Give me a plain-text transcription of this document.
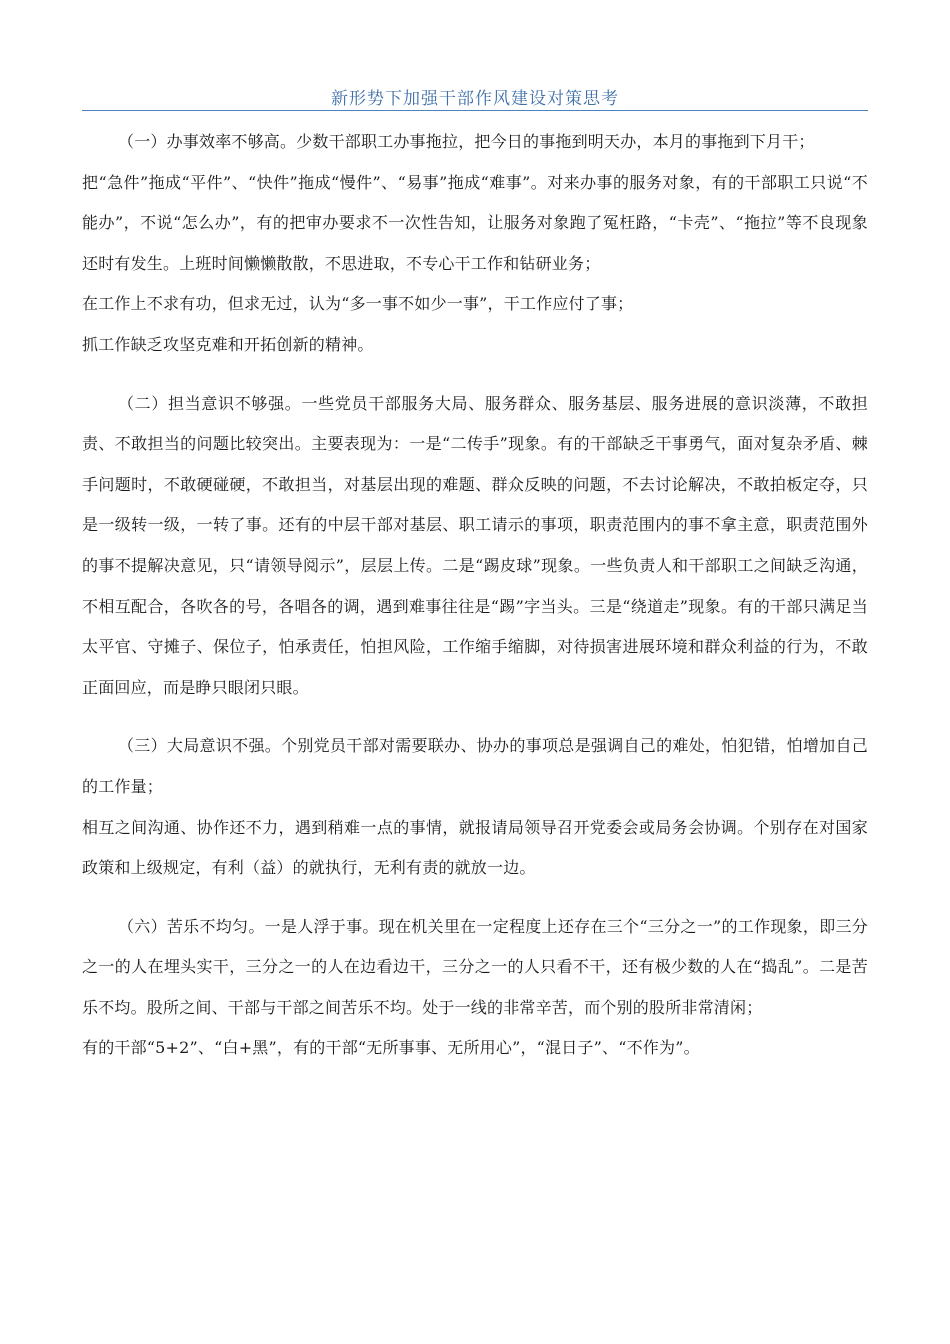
新形势下加强干部作风建设对策思考

（一）办事效率不够高。少数干部职工办事拖拉，把今日的事拖到明天办，本月的事拖到下月干；

把“急件”拖成“平件”、“快件”拖成“慢件”、“易事”拖成“难事”。对来办事的服务对象，有的干部职工只说“不能办”，不说“怎么办”，有的把审办要求不一次性告知，让服务对象跑了冤枉路，“卡壳”、“拖拉”等不良现象还时有发生。上班时间懒懒散散，不思进取，不专心干工作和钻研业务；

在工作上不求有功，但求无过，认为“多一事不如少一事”，干工作应付了事；

抓工作缺乏攻坚克难和开拓创新的精神。

（二）担当意识不够强。一些党员干部服务大局、服务群众、服务基层、服务进展的意识淡薄，不敢担责、不敢担当的问题比较突出。主要表现为：一是“二传手”现象。有的干部缺乏干事勇气，面对复杂矛盾、棘手问题时，不敢硬碰硬，不敢担当，对基层出现的难题、群众反映的问题，不去讨论解决，不敢拍板定夺，只是一级转一级，一转了事。还有的中层干部对基层、职工请示的事项，职责范围内的事不拿主意，职责范围外的事不提解决意见，只“请领导阅示”，层层上传。二是“踢皮球”现象。一些负责人和干部职工之间缺乏沟通，不相互配合，各吹各的号，各唱各的调，遇到难事往往是“踢”字当头。三是“绕道走”现象。有的干部只满足当太平官、守摊子、保位子，怕承责任，怕担风险，工作缩手缩脚，对待损害进展环境和群众利益的行为，不敢正面回应，而是睁只眼闭只眼。

（三）大局意识不强。个别党员干部对需要联办、协办的事项总是强调自己的难处，怕犯错，怕增加自己的工作量；

相互之间沟通、协作还不力，遇到稍难一点的事情，就报请局领导召开党委会或局务会协调。个别存在对国家政策和上级规定，有利（益）的就执行，无利有责的就放一边。

（六）苦乐不均匀。一是人浮于事。现在机关里在一定程度上还存在三个“三分之一”的工作现象，即三分之一的人在埋头实干，三分之一的人在边看边干，三分之一的人只看不干，还有极少数的人在“捣乱”。二是苦乐不均。股所之间、干部与干部之间苦乐不均。处于一线的非常辛苦，而个别的股所非常清闲；

有的干部“5+2”、“白+黑”，有的干部“无所事事、无所用心”，“混日子”、“不作为”。
